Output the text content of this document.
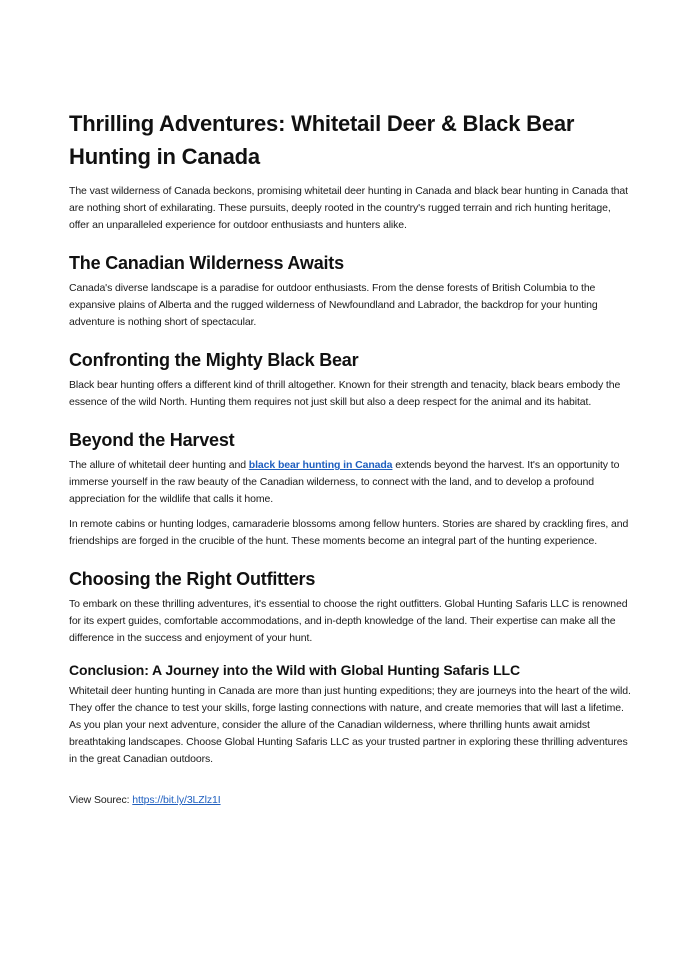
Thrilling Adventures: Whitetail Deer & Black Bear Hunting in Canada

The vast wilderness of Canada beckons, promising whitetail deer hunting in Canada and black bear hunting in Canada that are nothing short of exhilarating. These pursuits, deeply rooted in the country's rugged terrain and rich hunting heritage, offer an unparalleled experience for outdoor enthusiasts and hunters alike.

The Canadian Wilderness Awaits

Canada's diverse landscape is a paradise for outdoor enthusiasts. From the dense forests of British Columbia to the expansive plains of Alberta and the rugged wilderness of Newfoundland and Labrador, the backdrop for your hunting adventure is nothing short of spectacular.

Confronting the Mighty Black Bear

Black bear hunting offers a different kind of thrill altogether. Known for their strength and tenacity, black bears embody the essence of the wild North. Hunting them requires not just skill but also a deep respect for the animal and its habitat.

Beyond the Harvest

The allure of whitetail deer hunting and black bear hunting in Canada extends beyond the harvest. It's an opportunity to immerse yourself in the raw beauty of the Canadian wilderness, to connect with the land, and to develop a profound appreciation for the wildlife that calls it home.

In remote cabins or hunting lodges, camaraderie blossoms among fellow hunters. Stories are shared by crackling fires, and friendships are forged in the crucible of the hunt. These moments become an integral part of the hunting experience.

Choosing the Right Outfitters

To embark on these thrilling adventures, it's essential to choose the right outfitters. Global Hunting Safaris LLC is renowned for its expert guides, comfortable accommodations, and in-depth knowledge of the land. Their expertise can make all the difference in the success and enjoyment of your hunt.

Conclusion: A Journey into the Wild with Global Hunting Safaris LLC

Whitetail deer hunting hunting in Canada are more than just hunting expeditions; they are journeys into the heart of the wild. They offer the chance to test your skills, forge lasting connections with nature, and create memories that will last a lifetime. As you plan your next adventure, consider the allure of the Canadian wilderness, where thrilling hunts await amidst breathtaking landscapes. Choose Global Hunting Safaris LLC as your trusted partner in exploring these thrilling adventures in the great Canadian outdoors.

View Sourec: https://bit.ly/3LZlz1I
